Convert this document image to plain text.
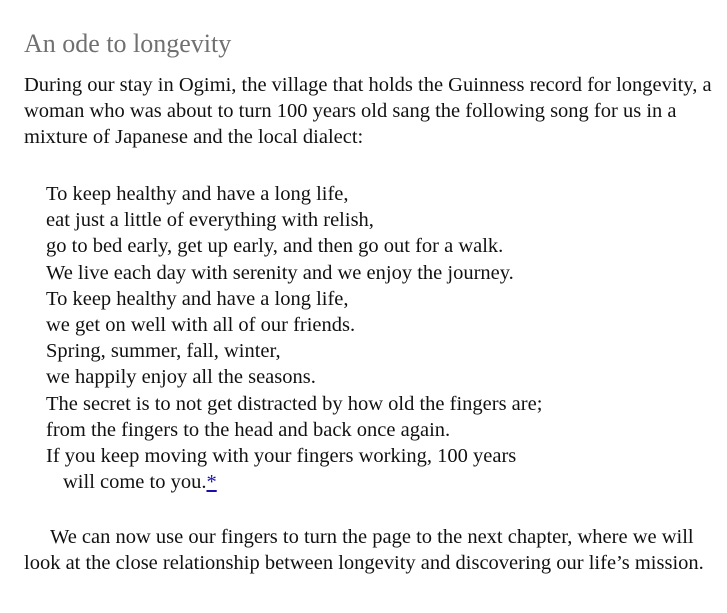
An ode to longevity

During our stay in Ogimi, the village that holds the Guinness record for longevity, a woman who was about to turn 100 years old sang the following song for us in a mixture of Japanese and the local dialect:

To keep healthy and have a long life,
eat just a little of everything with relish,
go to bed early, get up early, and then go out for a walk.
We live each day with serenity and we enjoy the journey.
To keep healthy and have a long life,
we get on well with all of our friends.
Spring, summer, fall, winter,
we happily enjoy all the seasons.
The secret is to not get distracted by how old the fingers are;
from the fingers to the head and back once again.
If you keep moving with your fingers working, 100 years
will come to you.*

We can now use our fingers to turn the page to the next chapter, where we will look at the close relationship between longevity and discovering our life’s mission.
